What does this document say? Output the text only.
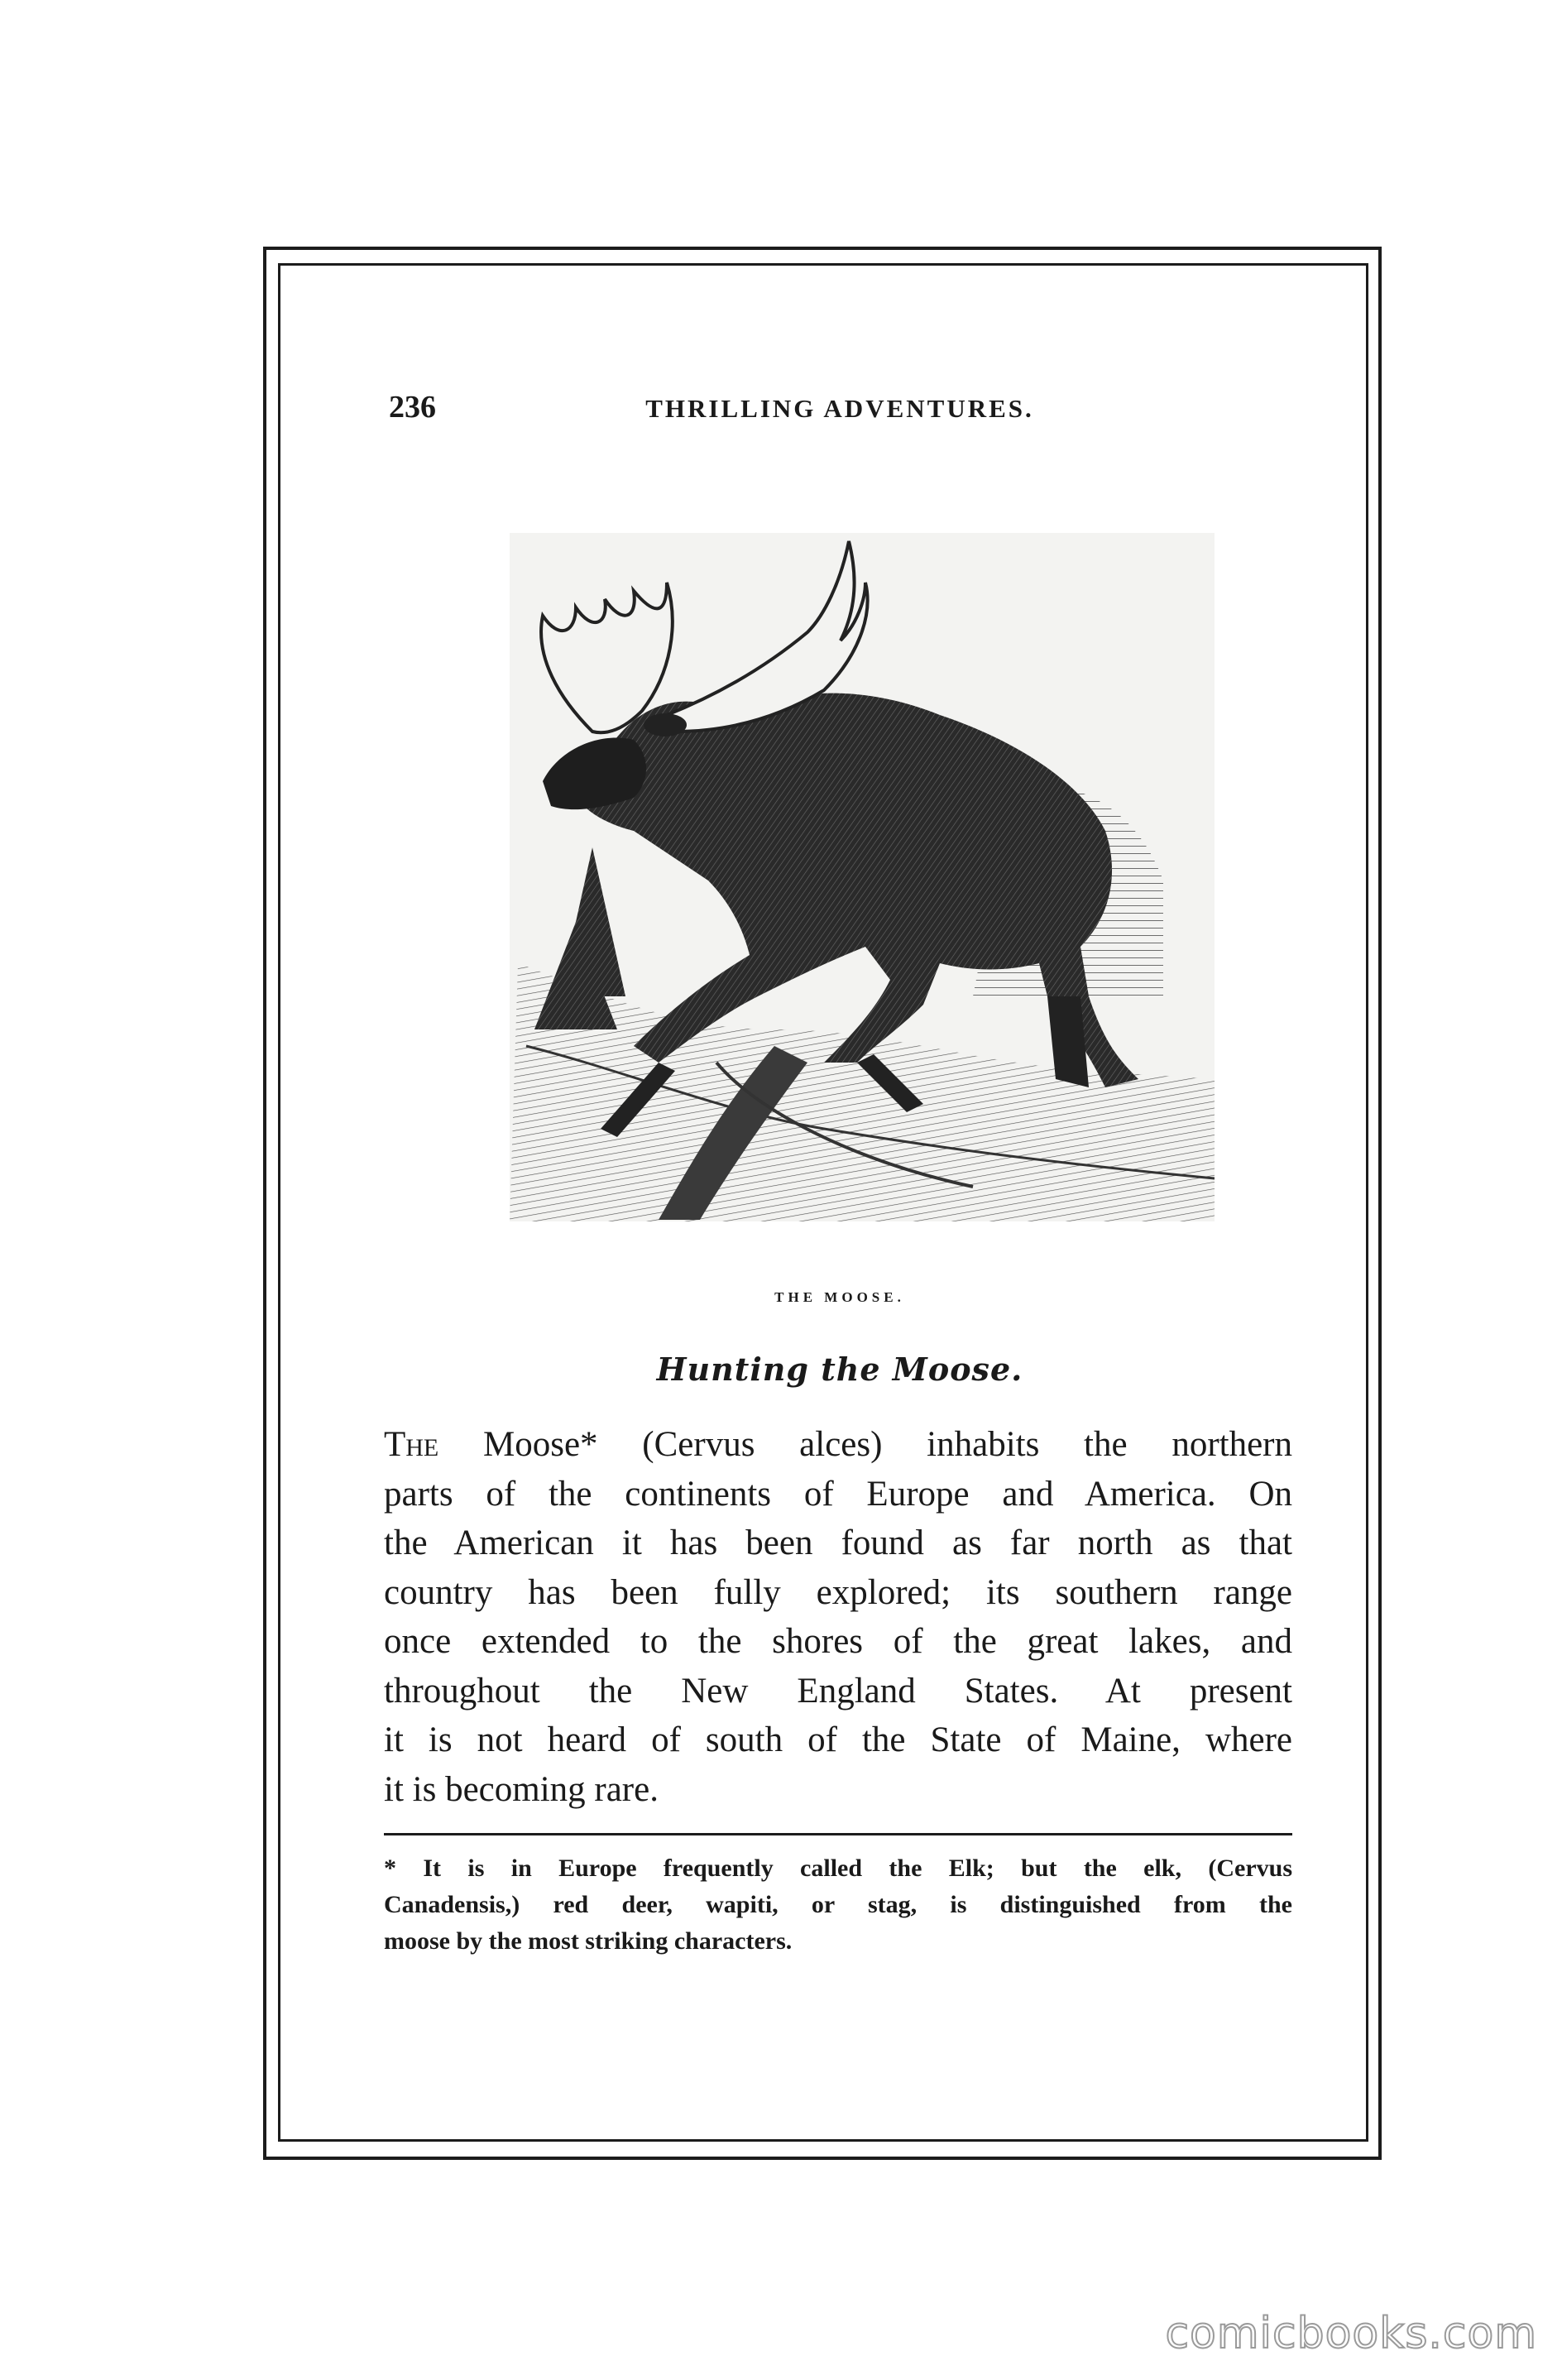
236	THRILLING ADVENTURES.
THE MOOSE.
Hunting the Moose.
The Moose* (Cervus alces) inhabits the northern
parts of the continents of Europe and America. On
the American it has been found as far north as that
country has been fully explored; its southern range
once extended to the shores of the great lakes, and
throughout the New England States. At present
it is not heard of south of the State of Maine, where
it is becoming rare.
* It is in Europe frequently called the Elk; but the elk, (Cervus
Canadensis,) red deer, wapiti, or stag, is distinguished from the
moose by the most striking characters.
comicbooks.com
